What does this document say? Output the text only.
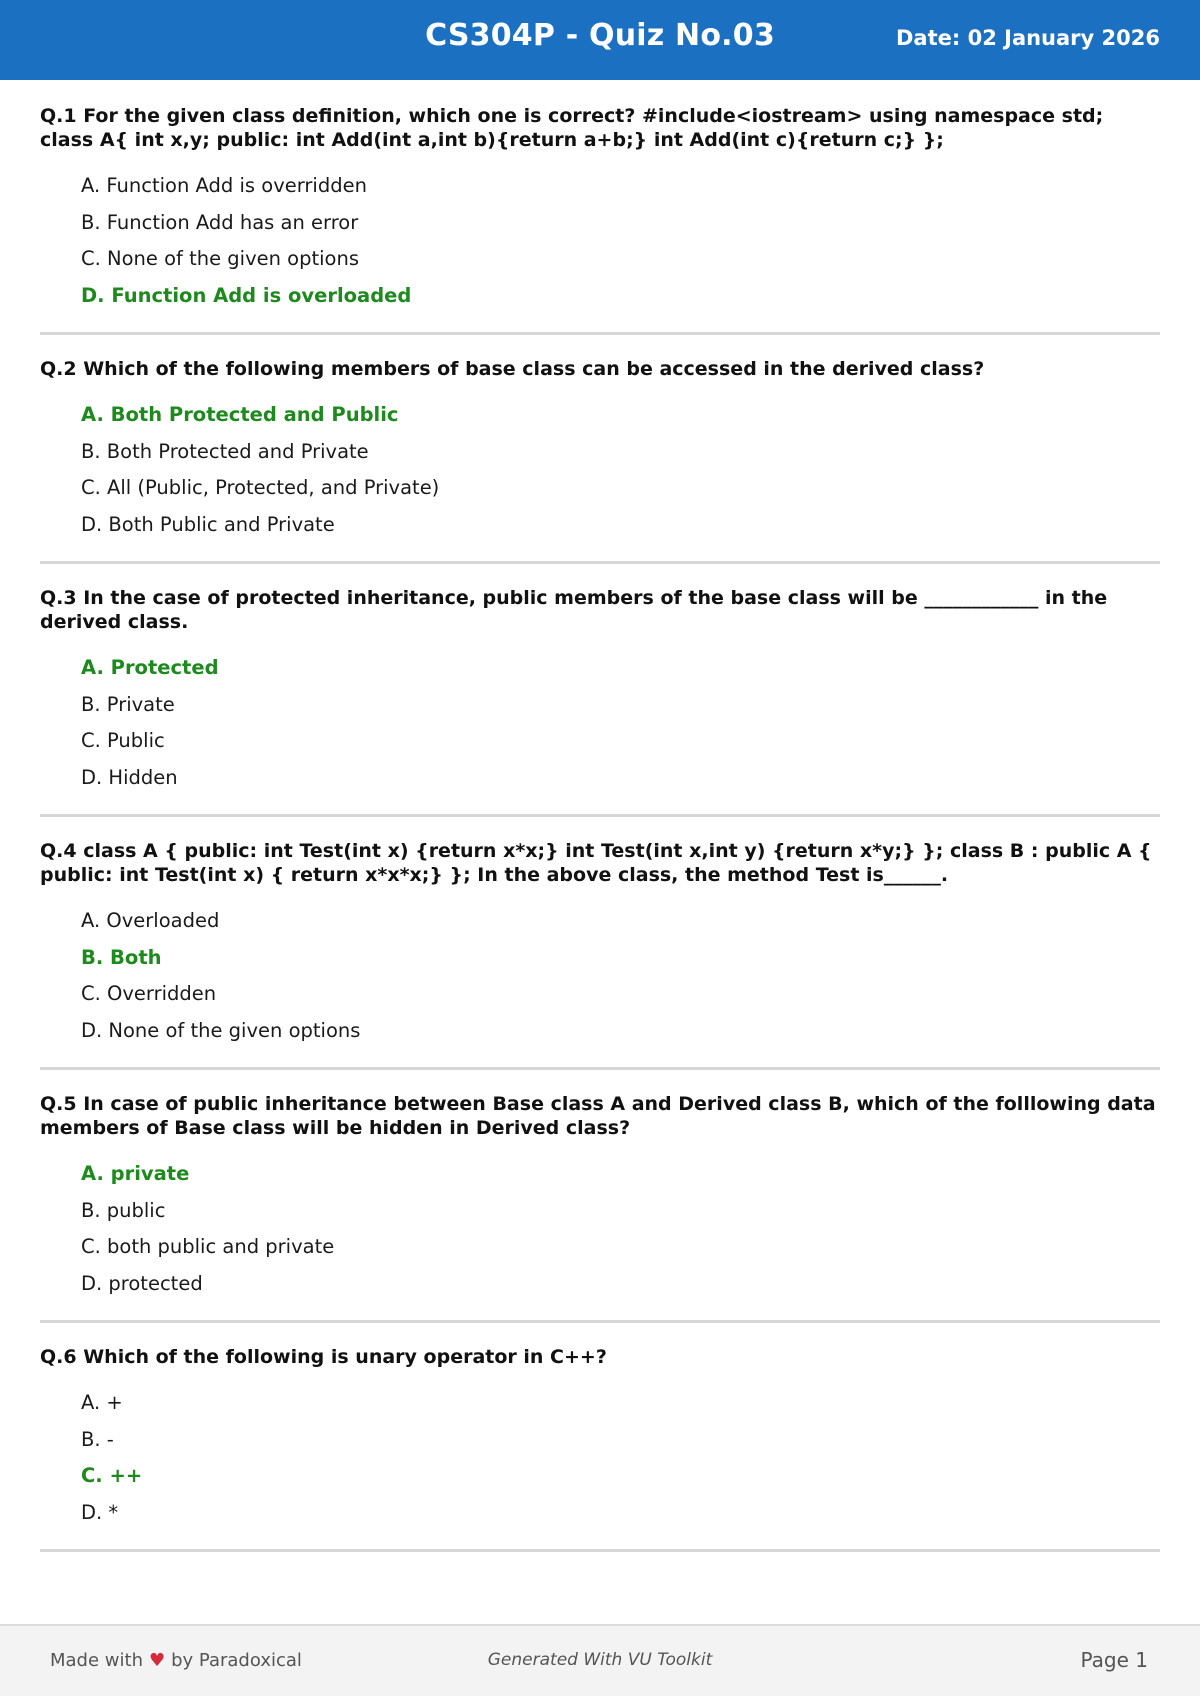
CS304P - Quiz No.03	Date: 02 January 2026
Q.1 For the given class definition, which one is correct? #include<iostream> using namespace std; class A{ int x,y; public: int Add(int a,int b){return a+b;} int Add(int c){return c;} };
A. Function Add is overridden
B. Function Add has an error
C. None of the given options
D. Function Add is overloaded
Q.2 Which of the following members of base class can be accessed in the derived class?
A. Both Protected and Public
B. Both Protected and Private
C. All (Public, Protected, and Private)
D. Both Public and Private
Q.3 In the case of protected inheritance, public members of the base class will be ____________ in the derived class.
A. Protected
B. Private
C. Public
D. Hidden
Q.4 class A { public: int Test(int x) {return x*x;} int Test(int x,int y) {return x*y;} }; class B : public A { public: int Test(int x) { return x*x*x;} }; In the above class, the method Test is______.
A. Overloaded
B. Both
C. Overridden
D. None of the given options
Q.5 In case of public inheritance between Base class A and Derived class B, which of the folllowing data members of Base class will be hidden in Derived class?
A. private
B. public
C. both public and private
D. protected
Q.6 Which of the following is unary operator in C++?
A. +
B. -
C. ++
D. *
Made with ♥ by Paradoxical	Generated With VU Toolkit	Page 1
